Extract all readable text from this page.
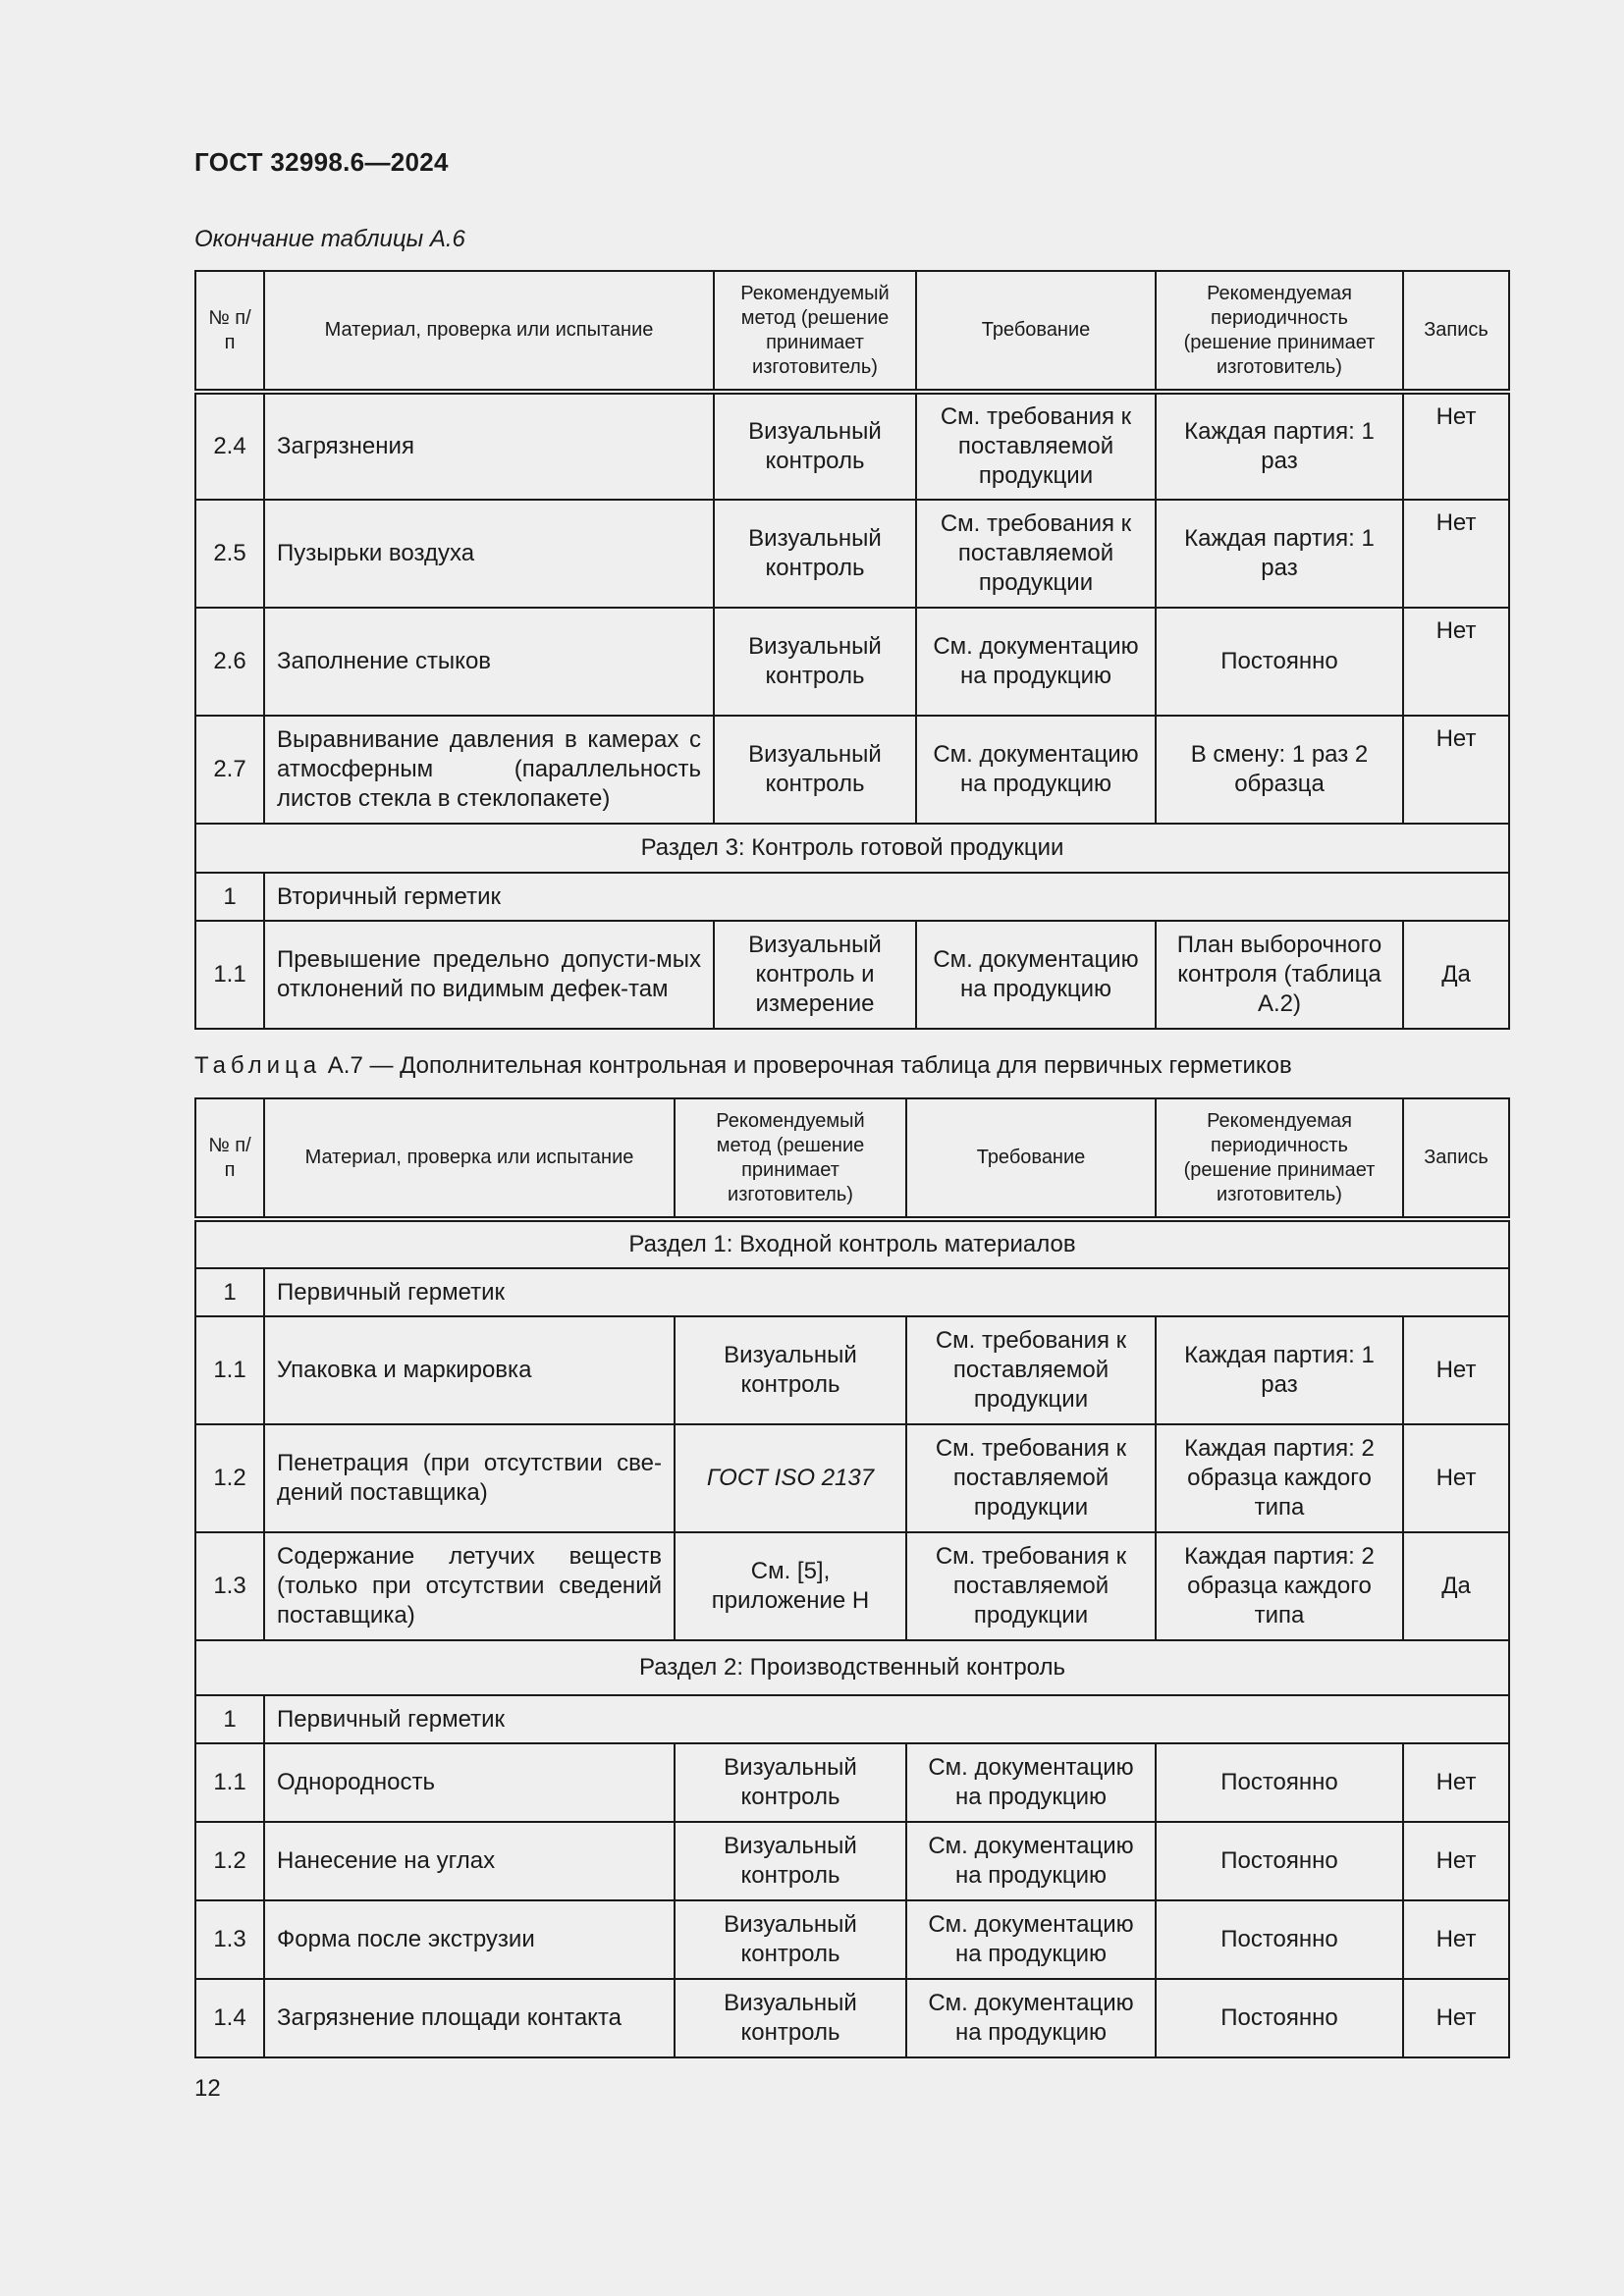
ГОСТ 32998.6—2024
Окончание таблицы А.6
№ п/п	Материал, проверка или испытание	Рекомендуемый метод (решение принимает изготовитель)	Требование	Рекомендуемая периодичность (решение принимает изготовитель)	Запись
2.4	Загрязнения	Визуальный контроль	См. требования к поставляемой продукции	Каждая партия: 1 раз	Нет
2.5	Пузырьки воздуха	Визуальный контроль	См. требования к поставляемой продукции	Каждая партия: 1 раз	Нет
2.6	Заполнение стыков	Визуальный контроль	См. документацию на продукцию	Постоянно	Нет
2.7	Выравнивание давления в камерах с атмосферным (параллельность листов стекла в стеклопакете)	Визуальный контроль	См. документацию на продукцию	В смену: 1 раз 2 образца	Нет
Раздел 3: Контроль готовой продукции					
1	Вторичный герметик				
1.1	Превышение предельно допусти-мых отклонений по видимым дефек-там	Визуальный контроль и измерение	См. документацию на продукцию	План выборочного контроля (таблица А.2)	Да
Таблица А.7 — Дополнительная контрольная и проверочная таблица для первичных герметиков
№ п/п	Материал, проверка или испытание	Рекомендуемый метод (решение принимает изготовитель)	Требование	Рекомендуемая периодичность (решение принимает изготовитель)	Запись
Раздел 1: Входной контроль материалов					
1	Первичный герметик				
1.1	Упаковка и маркировка	Визуальный контроль	См. требования к поставляемой продукции	Каждая партия: 1 раз	Нет
1.2	Пенетрация (при отсутствии све-дений поставщика)	ГОСТ ISO 2137	См. требования к поставляемой продукции	Каждая партия: 2 образца каждого типа	Нет
1.3	Содержание летучих веществ (только при отсутствии сведений поставщика)	См. [5], приложение Н	См. требования к поставляемой продукции	Каждая партия: 2 образца каждого типа	Да
Раздел 2: Производственный контроль					
1	Первичный герметик				
1.1	Однородность	Визуальный контроль	См. документацию на продукцию	Постоянно	Нет
1.2	Нанесение на углах	Визуальный контроль	См. документацию на продукцию	Постоянно	Нет
1.3	Форма после экструзии	Визуальный контроль	См. документацию на продукцию	Постоянно	Нет
1.4	Загрязнение площади контакта	Визуальный контроль	См. документацию на продукцию	Постоянно	Нет
12
